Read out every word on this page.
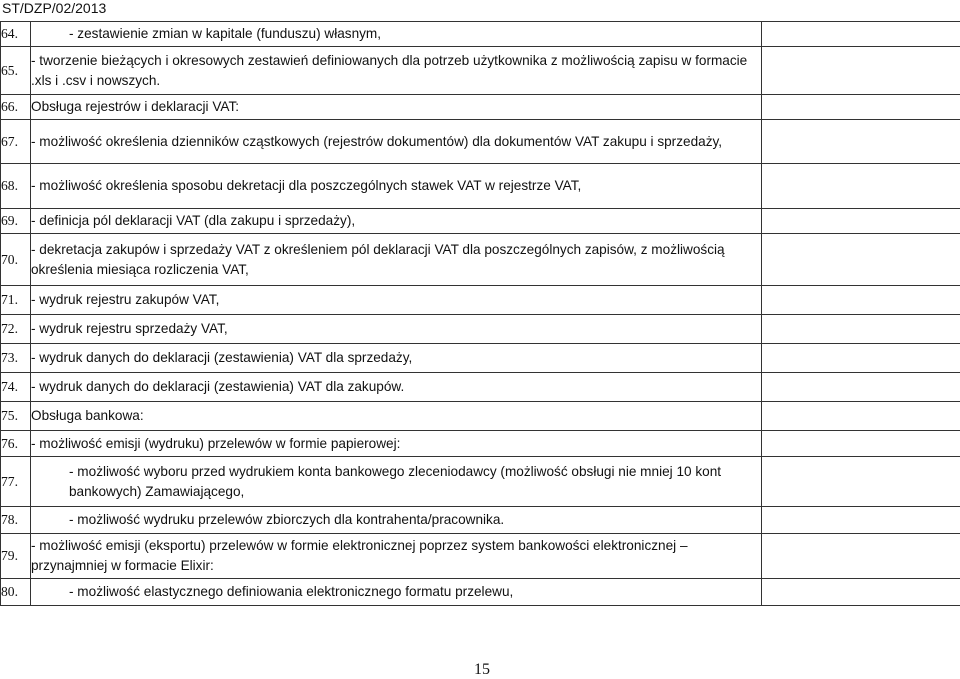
ST/DZP/02/2013
64.	- zestawienie zmian w kapitale (funduszu) własnym,	
65.	- tworzenie bieżących i okresowych zestawień definiowanych dla potrzeb użytkownika z możliwością zapisu w formacie .xls i .csv i nowszych.	
66.	Obsługa rejestrów i deklaracji VAT:	
67.	- możliwość określenia dzienników cząstkowych (rejestrów dokumentów) dla dokumentów VAT zakupu i sprzedaży,	
68.	- możliwość określenia sposobu dekretacji dla poszczególnych stawek VAT w rejestrze VAT,	
69.	- definicja pól deklaracji VAT (dla zakupu i sprzedaży),	
70.	- dekretacja zakupów i sprzedaży VAT z określeniem pól deklaracji VAT dla poszczególnych zapisów, z możliwością określenia miesiąca rozliczenia VAT,	
71.	- wydruk rejestru zakupów VAT,	
72.	- wydruk rejestru sprzedaży VAT,	
73.	- wydruk danych do deklaracji (zestawienia) VAT dla sprzedaży,	
74.	- wydruk danych do deklaracji (zestawienia) VAT dla zakupów.	
75.	Obsługa bankowa:	
76.	- możliwość emisji (wydruku) przelewów w formie papierowej:	
77.	- możliwość wyboru przed wydrukiem konta bankowego zleceniodawcy (możliwość obsługi nie mniej 10 kont bankowych) Zamawiającego,	
78.	- możliwość wydruku przelewów zbiorczych dla kontrahenta/pracownika.	
79.	- możliwość emisji (eksportu) przelewów w formie elektronicznej poprzez system bankowości elektronicznej – przynajmniej w formacie Elixir:	
80.	- możliwość elastycznego definiowania elektronicznego formatu przelewu,	
15
